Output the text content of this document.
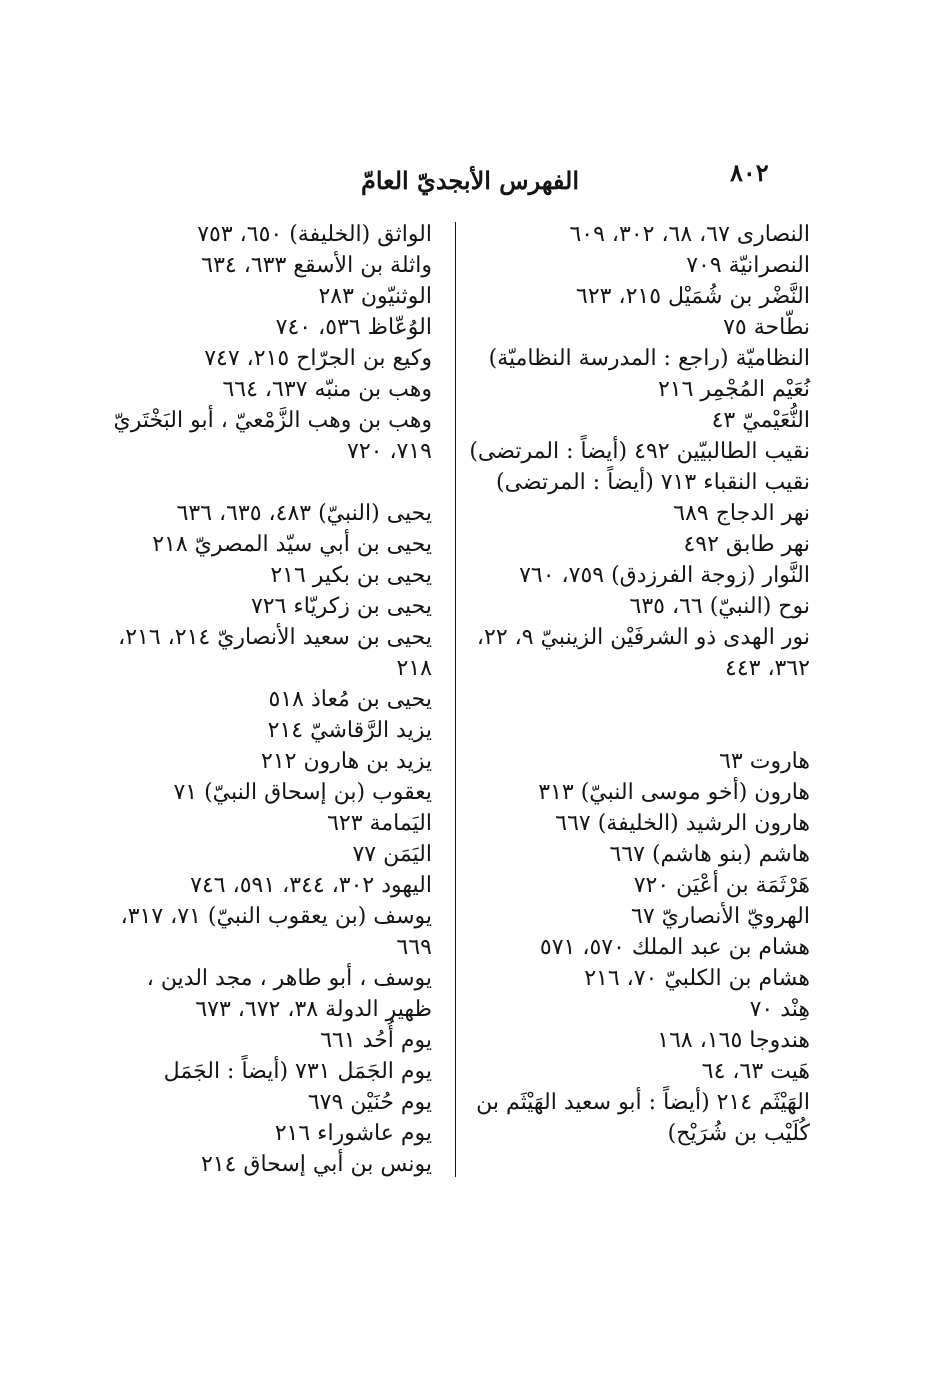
٨٠٢
الفهرس الأبجديّ العامّ
النصارى ٦٧، ٦٨، ٣٠٢، ٦٠٩
النصرانيّة ٧٠٩
النَّضْر بن شُمَيْل ٢١٥، ٦٢٣
نطّاحة ٧٥
النظاميّة (راجع : المدرسة النظاميّة)
نُعَيْم المُجْمِر ٢١٦
النُّعَيْميّ ٤٣
نقيب الطالبيّين ٤٩٢ (أيضاً : المرتضى)
نقيب النقباء ٧١٣ (أيضاً : المرتضى)
نهر الدجاج ٦٨٩
نهر طابق ٤٩٢
النَّوار (زوجة الفرزدق) ٧٥٩، ٧٦٠
نوح (النبيّ) ٦٦، ٦٣٥
نور الهدى ذو الشرفَيْن الزينبيّ ٩، ٢٢، ٣٦٢، ٤٤٣
هاروت ٦٣
هارون (أخو موسى النبيّ) ٣١٣
هارون الرشيد (الخليفة) ٦٦٧
هاشم (بنو هاشم) ٦٦٧
هَرْثَمَة بن أعْيَن ٧٢٠
الهرويّ الأنصاريّ ٦٧
هشام بن عبد الملك ٥٧٠، ٥٧١
هشام بن الكلبيّ ٧٠، ٢١٦
هِنْد ٧٠
هندوجا ١٦٥، ١٦٨
هَيت ٦٣، ٦٤
الهَيْثَم ٢١٤ (أيضاً : أبو سعيد الهَيْثَم بن كُلَيْب بن شُرَيْح)
الواثق (الخليفة) ٦٥٠، ٧٥٣
واثلة بن الأسقع ٦٣٣، ٦٣٤
الوثنيّون ٢٨٣
الوُعّاظ ٥٣٦، ٧٤٠
وكيع بن الجرّاح ٢١٥، ٧٤٧
وهب بن منبّه ٦٣٧، ٦٦٤
وهب بن وهب الزَّمْعيّ ، أبو البَخْتَريّ ٧١٩، ٧٢٠
يحيى (النبيّ) ٤٨٣، ٦٣٥، ٦٣٦
يحيى بن أبي سيّد المصريّ ٢١٨
يحيى بن بكير ٢١٦
يحيى بن زكريّاء ٧٢٦
يحيى بن سعيد الأنصاريّ ٢١٤، ٢١٦، ٢١٨
يحيى بن مُعاذ ٥١٨
يزيد الرَّقاشيّ ٢١٤
يزيد بن هارون ٢١٢
يعقوب (بن إسحاق النبيّ) ٧١
اليَمامة ٦٢٣
اليَمَن ٧٧
اليهود ٣٠٢، ٣٤٤، ٥٩١، ٧٤٦
يوسف (بن يعقوب النبيّ) ٧١، ٣١٧، ٦٦٩
يوسف ، أبو طاهر ، مجد الدين ، ظهير الدولة ٣٨، ٦٧٢، ٦٧٣
يوم أُحُد ٦٦١
يوم الجَمَل ٧٣١ (أيضاً : الجَمَل
يوم حُنَيْن ٦٧٩
يوم عاشوراء ٢١٦
يونس بن أبي إسحاق ٢١٤
